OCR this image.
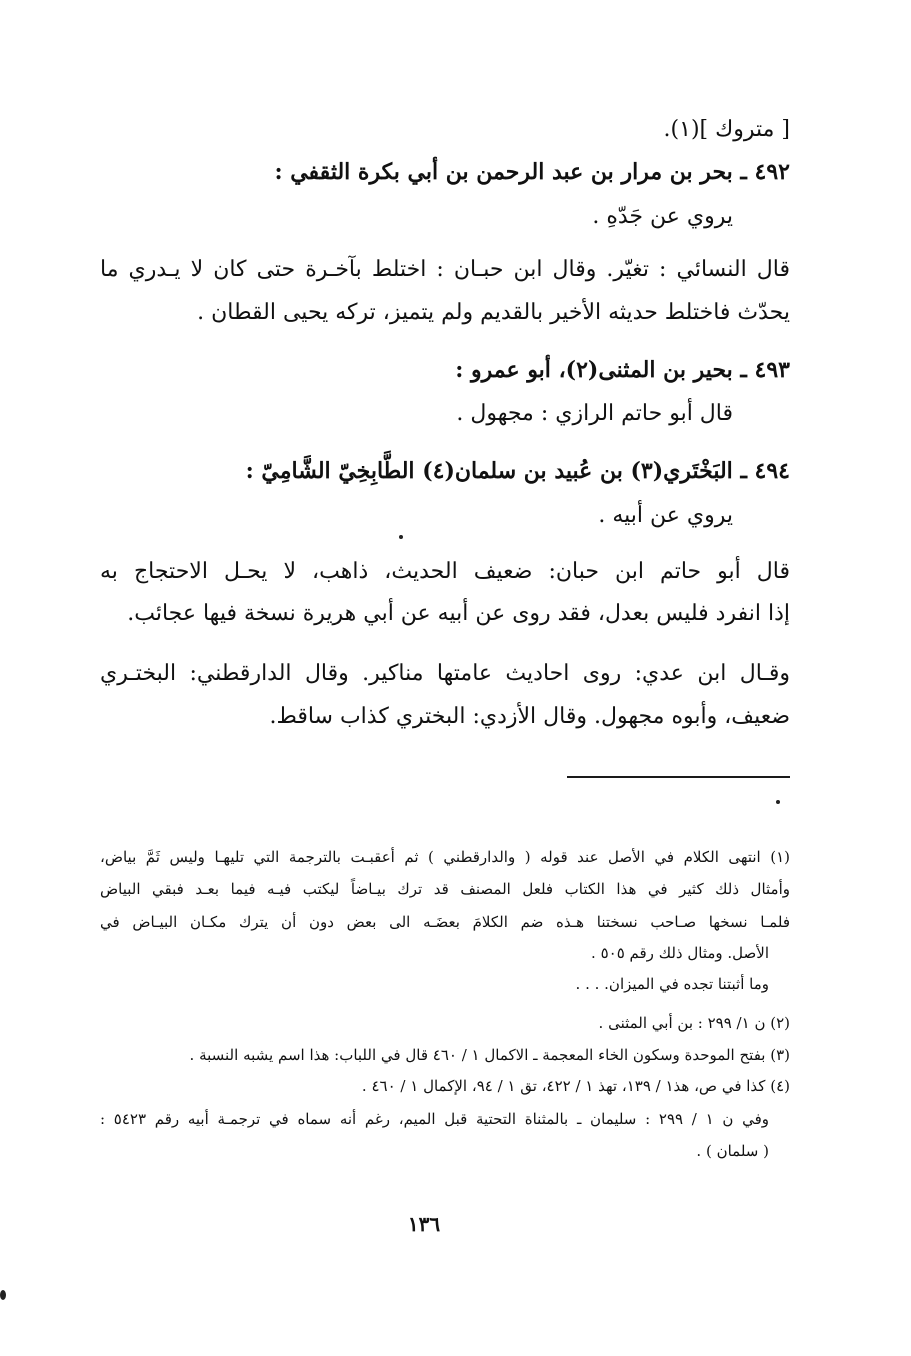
[ متروك ](١).
٤٩٢ ـ بحر بن مرار بن عبد الرحمن بن أبي بكرة الثقفي :
يروي عن جَدّهِ .
قال النسائي : تغيّر. وقال ابن حبـان : اختلط بآخـرة حتى كان لا يـدري ما
يحدّث فاختلط حديثه الأخير بالقديم ولم يتميز، تركه يحيى القطان .
٤٩٣ ـ بحير بن المثنى(٢)، أبو عمرو :
قال أبو حاتم الرازي : مجهول .
٤٩٤ ـ البَخْتَري(٣) بن عُبيد بن سلمان(٤) الطَّابِخِيّ الشَّامِيّ :
يروي عن أبيه .
قال أبو حاتم ابن حبان: ضعيف الحديث، ذاهب، لا يحـل الاحتجاج به
إذا انفرد فليس بعدل، فقد روى عن أبيه عن أبي هريرة نسخة فيها عجائب.
وقـال ابن عدي: روى احاديث عامتها مناكير. وقال الدارقطني: البختـري
ضعيف، وأبوه مجهول. وقال الأزدي: البختري كذاب ساقط.
(١) انتهى الكلام في الأصل عند قوله ( والدارقطني ) ثم أعقبـت بالترجمة التي تليهـا وليس ثَمَّ بياض،
وأمثال ذلك كثير في هذا الكتاب فلعل المصنف قد ترك بيـاضاً ليكتب فيـه فيما بعـد فبقي البياض
فلمـا نسخها صـاحب نسختنا هـذه ضم الكلامَ بعضَـه الى بعض دون أن يترك مكـان البيـاض في
الأصل. ومثال ذلك رقم ٥٠٥ .
وما أثبتنا تجده في الميزان. . . .
(٢) ن ١/ ٢٩٩ : بن أبي المثنى .
(٣) بفتح الموحدة وسكون الخاء المعجمة ـ الاكمال ١ / ٤٦٠ قال في اللباب: هذا اسم يشبه النسبة .
(٤) كذا في ص، هذ١ / ١٣٩، تهذ ١ / ٤٢٢، تق ١ / ٩٤، الإكمال ١ / ٤٦٠ .
وفي ن ١ / ٢٩٩ : سليمان ـ بالمثناة التحتية قبل الميم، رغم أنه سماه في ترجمـة أبيه رقم ٥٤٢٣ :
( سلمان ) .
١٣٦
